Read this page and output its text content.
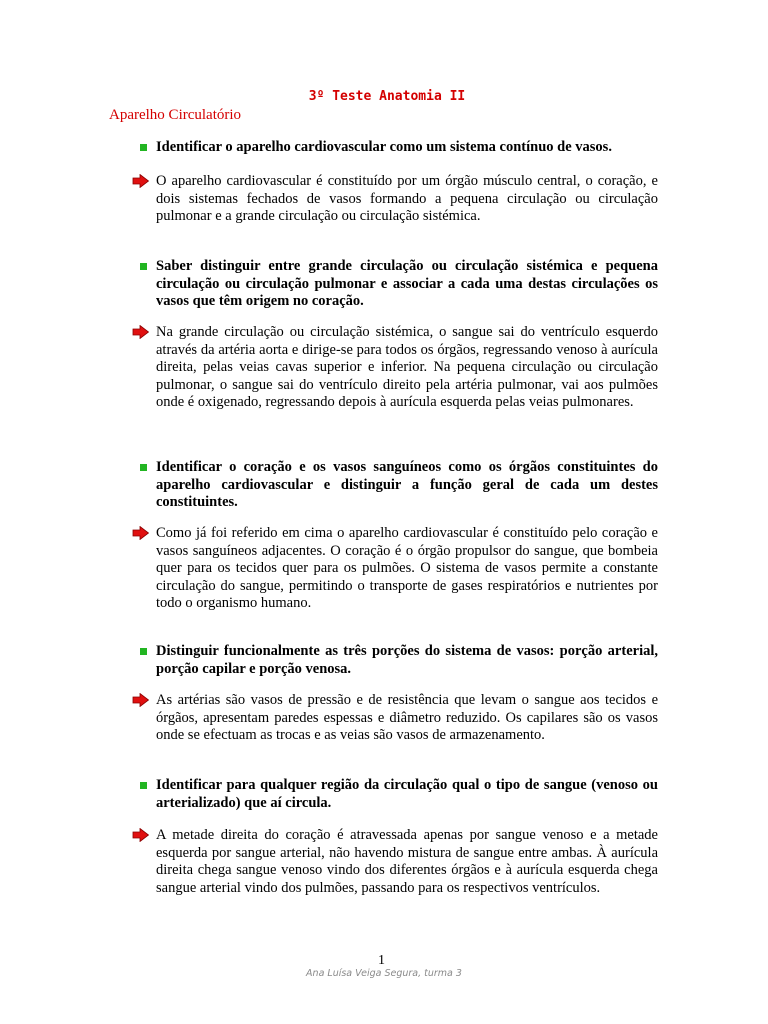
3º Teste Anatomia II
Aparelho Circulatório
Identificar o aparelho cardiovascular como um sistema contínuo de vasos.
O aparelho cardiovascular é constituído por um órgão músculo central, o coração, e dois sistemas fechados de vasos formando a pequena circulação ou circulação pulmonar e a grande circulação ou circulação sistémica.
Saber distinguir entre grande circulação ou circulação sistémica e pequena circulação ou circulação pulmonar e associar a cada uma destas circulações os vasos que têm origem no coração.
Na grande circulação ou circulação sistémica, o sangue sai do ventrículo esquerdo através da artéria aorta e dirige-se para todos os órgãos, regressando venoso à aurícula direita, pelas veias cavas superior e inferior. Na pequena circulação ou circulação pulmonar, o sangue sai do ventrículo direito pela artéria pulmonar, vai aos pulmões onde é oxigenado, regressando depois à aurícula esquerda pelas veias pulmonares.
Identificar o coração e os vasos sanguíneos como os órgãos constituintes do aparelho cardiovascular e distinguir a função geral de cada um destes constituintes.
Como já foi referido em cima o aparelho cardiovascular é constituído pelo coração e vasos sanguíneos adjacentes. O coração é o órgão propulsor do sangue, que bombeia quer para os tecidos quer para os pulmões. O sistema de vasos permite a constante circulação do sangue, permitindo o transporte de gases respiratórios e nutrientes por todo o organismo humano.
Distinguir funcionalmente as três porções do sistema de vasos: porção arterial, porção capilar e porção venosa.
As artérias são vasos de pressão e de resistência que levam o sangue aos tecidos e órgãos, apresentam paredes espessas e diâmetro reduzido. Os capilares são os vasos onde se efectuam as trocas e as veias são vasos de armazenamento.
Identificar para qualquer região da circulação qual o tipo de sangue (venoso ou arterializado) que aí circula.
A metade direita do coração é atravessada apenas por sangue venoso e a metade esquerda por sangue arterial, não havendo mistura de sangue entre ambas. À aurícula direita chega sangue venoso vindo dos diferentes órgãos e à aurícula esquerda chega sangue arterial vindo dos pulmões, passando para os respectivos ventrículos.
1
Ana Luísa Veiga Segura, turma 3
